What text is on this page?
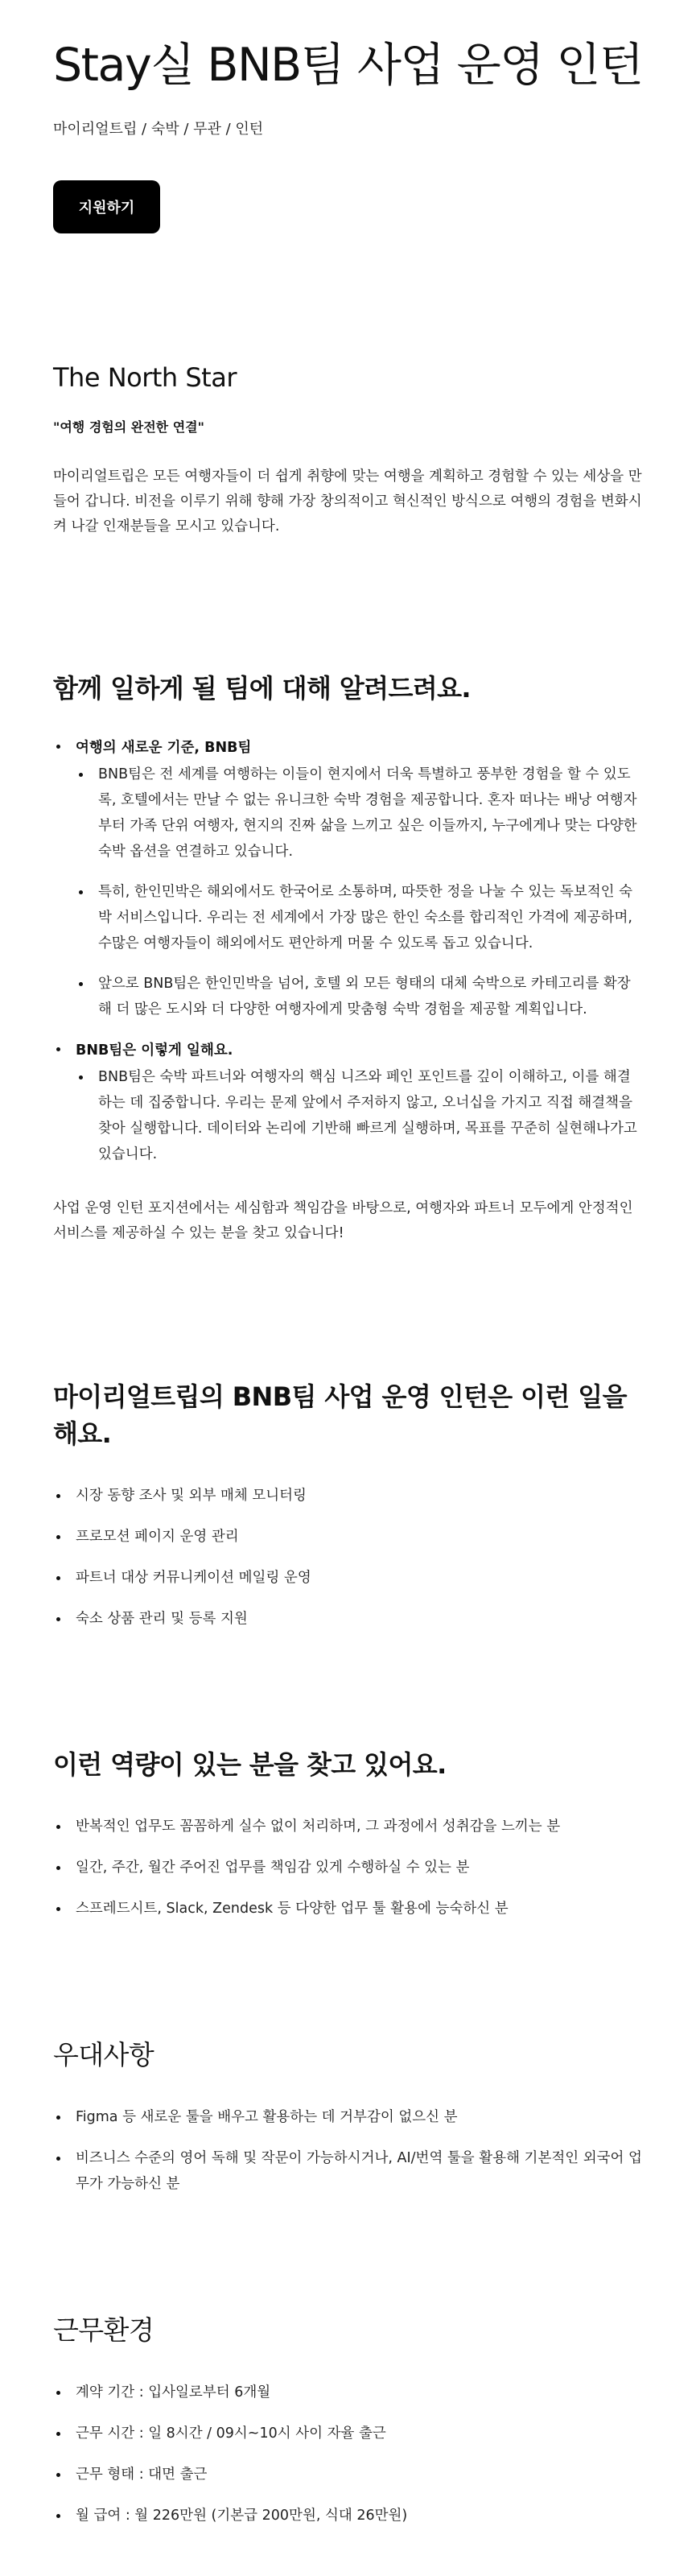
Stay실 BNB팀 사업 운영 인턴

마이리얼트립 / 숙박 / 무관 / 인턴

지원하기
The North Star

"여행 경험의 완전한 연결"

마이리얼트립은 모든 여행자들이 더 쉽게 취향에 맞는 여행을 계획하고 경험할 수 있는 세상을 만들어 갑니다. 비전을 이루기 위해 향해 가장 창의적이고 혁신적인 방식으로 여행의 경험을 변화시켜 나갈 인재분들을 모시고 있습니다.

함께 일하게 될 팀에 대해 알려드려요.
여행의 새로운 기준, BNB팀
BNB팀은 전 세계를 여행하는 이들이 현지에서 더욱 특별하고 풍부한 경험을 할 수 있도록, 호텔에서는 만날 수 없는 유니크한 숙박 경험을 제공합니다. 혼자 떠나는 배낭 여행자부터 가족 단위 여행자, 현지의 진짜 삶을 느끼고 싶은 이들까지, 누구에게나 맞는 다양한 숙박 옵션을 연결하고 있습니다.
특히, 한인민박은 해외에서도 한국어로 소통하며, 따뜻한 정을 나눌 수 있는 독보적인 숙박 서비스입니다. 우리는 전 세계에서 가장 많은 한인 숙소를 합리적인 가격에 제공하며, 수많은 여행자들이 해외에서도 편안하게 머물 수 있도록 돕고 있습니다.
앞으로 BNB팀은 한인민박을 넘어, 호텔 외 모든 형태의 대체 숙박으로 카테고리를 확장해 더 많은 도시와 더 다양한 여행자에게 맞춤형 숙박 경험을 제공할 계획입니다.
BNB팀은 이렇게 일해요.
BNB팀은 숙박 파트너와 여행자의 핵심 니즈와 페인 포인트를 깊이 이해하고, 이를 해결하는 데 집중합니다. 우리는 문제 앞에서 주저하지 않고, 오너십을 가지고 직접 해결책을 찾아 실행합니다. 데이터와 논리에 기반해 빠르게 실행하며, 목표를 꾸준히 실현해나가고 있습니다.

사업 운영 인턴 포지션에서는 세심함과 책임감을 바탕으로, 여행자와 파트너 모두에게 안정적인 서비스를 제공하실 수 있는 분을 찾고 있습니다!

마이리얼트립의 BNB팀 사업 운영 인턴은 이런 일을 해요.
시장 동향 조사 및 외부 매체 모니터링
프로모션 페이지 운영 관리
파트너 대상 커뮤니케이션 메일링 운영
숙소 상품 관리 및 등록 지원
이런 역량이 있는 분을 찾고 있어요.
반복적인 업무도 꼼꼼하게 실수 없이 처리하며, 그 과정에서 성취감을 느끼는 분
일간, 주간, 월간 주어진 업무를 책임감 있게 수행하실 수 있는 분
스프레드시트, Slack, Zendesk 등 다양한 업무 툴 활용에 능숙하신 분
우대사항
Figma 등 새로운 툴을 배우고 활용하는 데 거부감이 없으신 분
비즈니스 수준의 영어 독해 및 작문이 가능하시거나, AI/번역 툴을 활용해 기본적인 외국어 업무가 가능하신 분
근무환경
계약 기간 : 입사일로부터 6개월
근무 시간 : 일 8시간 / 09시~10시 사이 자율 출근
근무 형태 : 대면 출근
월 급여 : 월 226만원 (기본급 200만원, 식대 26만원)
